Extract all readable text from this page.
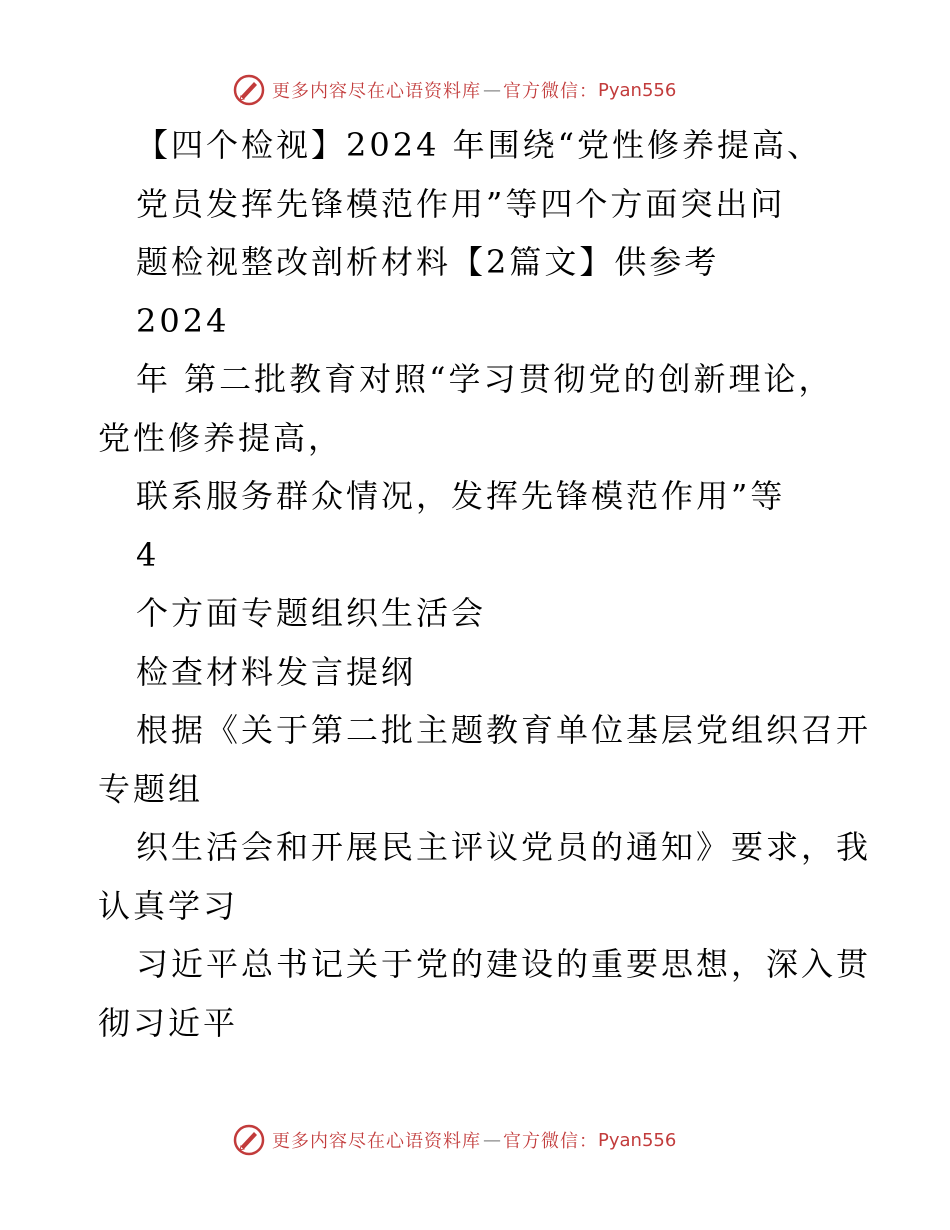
更多内容尽在心语资料库 — 官方微信： Pyan556

【四个检视】2024 年围绕“党性修养提高、

党员发挥先锋模范作用”等四个方面突出问

题检视整改剖析材料【2篇文】供参考

2024

年 第二批教育对照“学习贯彻党的创新理论，

党性修养提高，

联系服务群众情况，发挥先锋模范作用”等

4

个方面专题组织生活会

检查材料发言提纲

根据《关于第二批主题教育单位基层党组织召开

专题组

织生活会和开展民主评议党员的通知》要求，我

认真学习

习近平总书记关于党的建设的重要思想，深入贯

彻习近平

更多内容尽在心语资料库 — 官方微信： Pyan556
